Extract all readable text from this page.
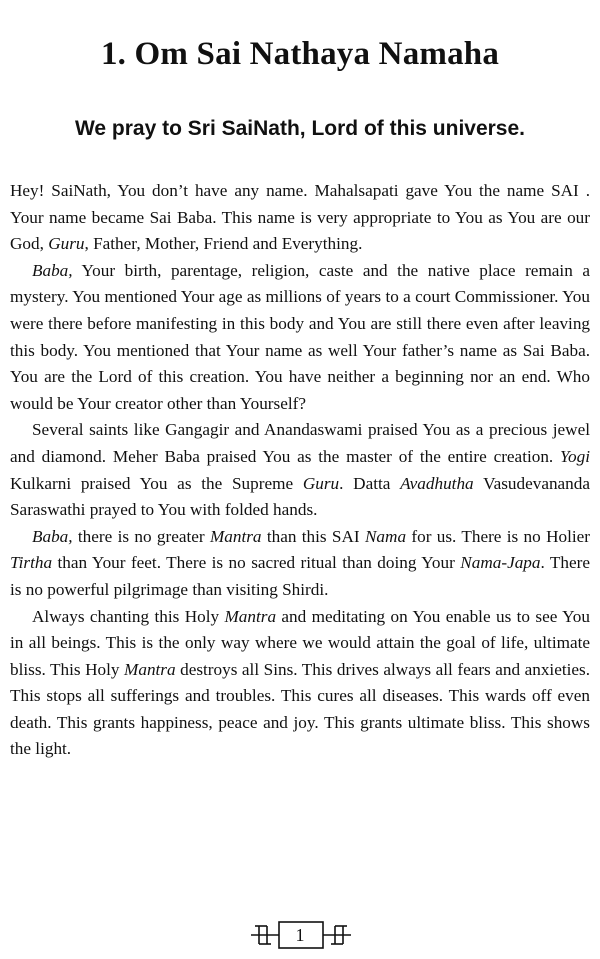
1. Om Sai Nathaya Namaha
We pray to Sri SaiNath, Lord of this universe.

Hey! SaiNath, You don’t have any name. Mahalsapati gave You the name SAI . Your name became Sai Baba. This name is very appropriate to You as You are our God, Guru, Father, Mother, Friend and Everything.

Baba, Your birth, parentage, religion, caste and the native place remain a mystery. You mentioned Your age as millions of years to a court Commissioner. You were there before manifesting in this body and You are still there even after leaving this body. You mentioned that Your name as well Your father’s name as Sai Baba. You are the Lord of this creation. You have neither a beginning nor an end. Who would be Your creator other than Yourself?

Several saints like Gangagir and Anandaswami praised You as a precious jewel and diamond. Meher Baba praised You as the master of the entire creation. Yogi Kulkarni praised You as the Supreme Guru. Datta Avadhutha Vasudevananda Saraswathi prayed to You with folded hands.

Baba, there is no greater Mantra than this SAI Nama for us. There is no Holier Tirtha than Your feet. There is no sacred ritual than doing Your Nama-Japa. There is no powerful pilgrimage than visiting Shirdi.

Always chanting this Holy Mantra and meditating on You enable us to see You in all beings. This is the only way where we would attain the goal of life, ultimate bliss. This Holy Mantra destroys all Sins. This drives always all fears and anxieties. This stops all sufferings and troubles. This cures all diseases. This wards off even death. This grants happiness, peace and joy. This grants ultimate bliss. This shows the light.

1
